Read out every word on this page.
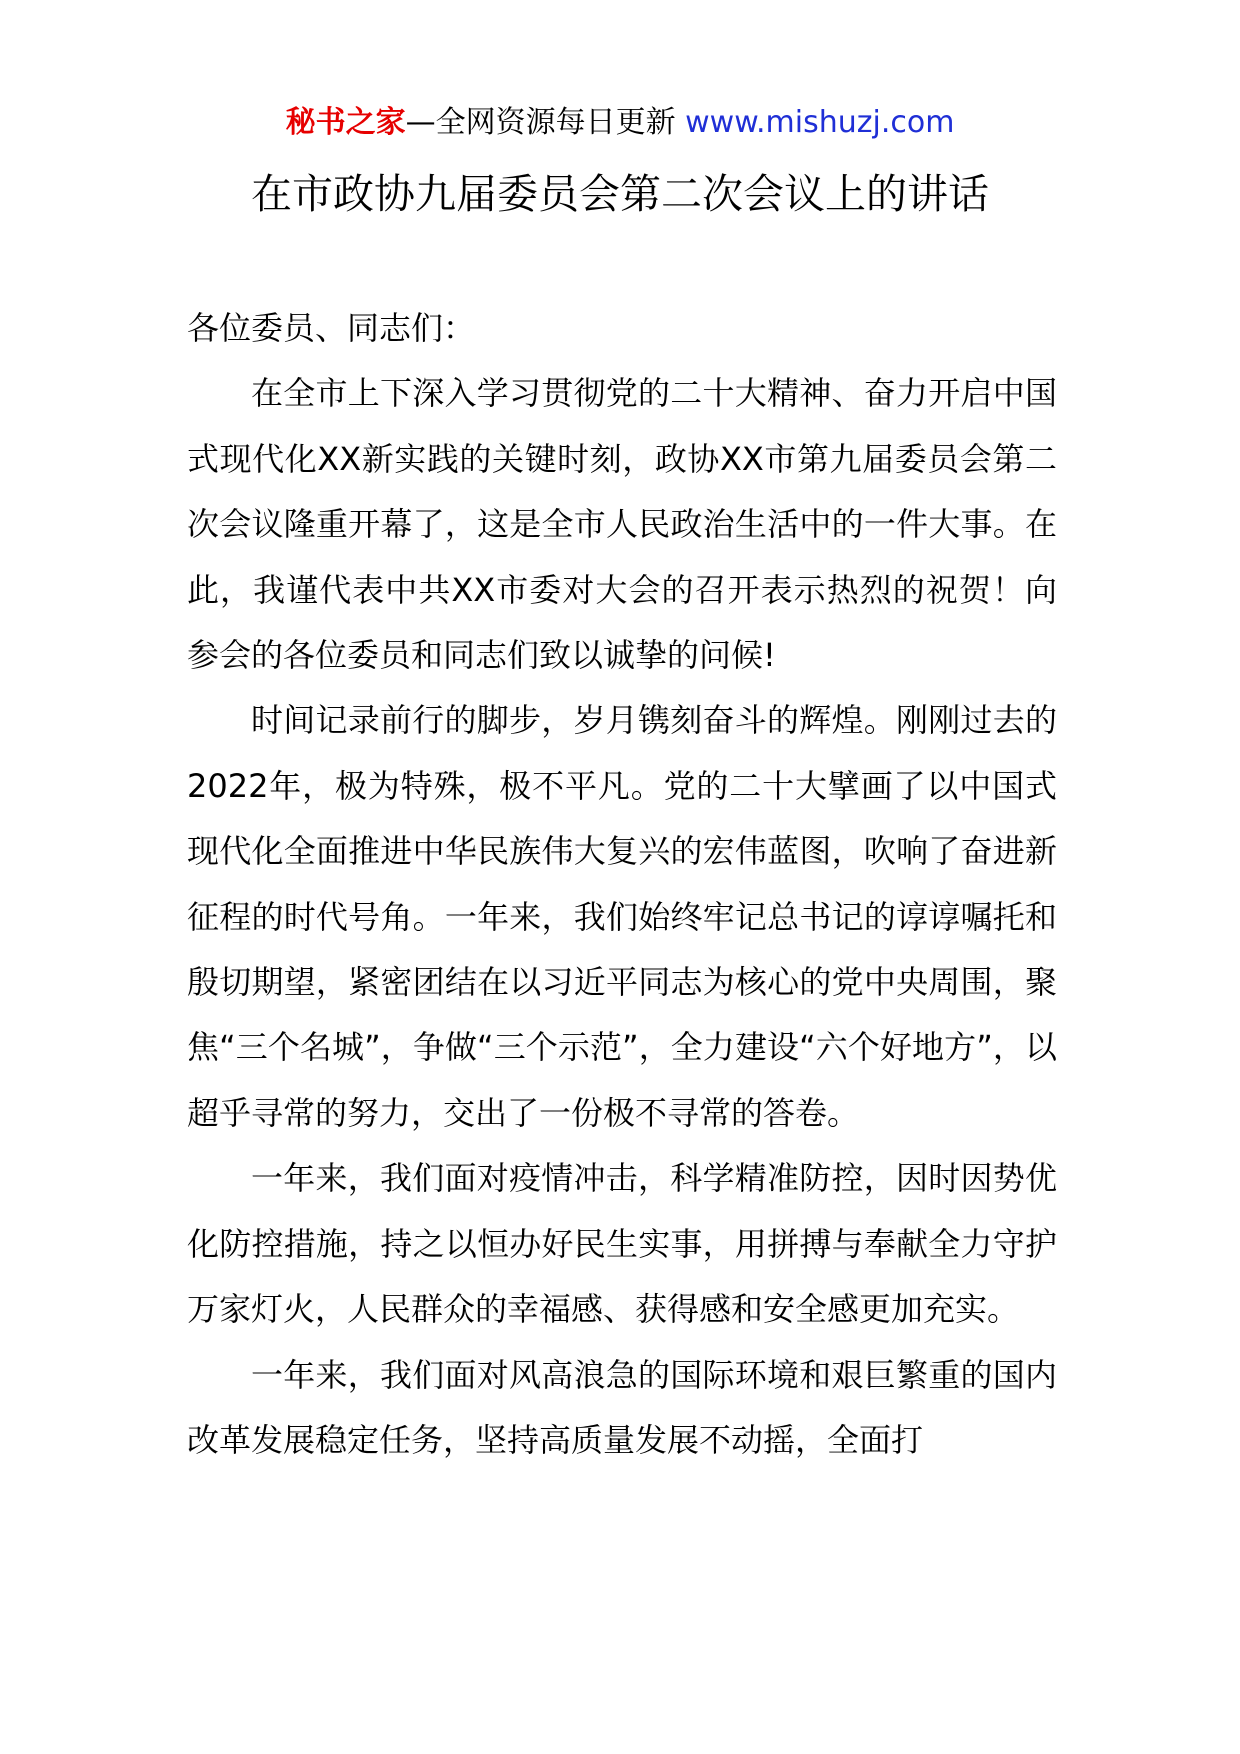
秘书之家—全网资源每日更新 www.mishuzj.com
在市政协九届委员会第二次会议上的讲话

各位委员、同志们：

在全市上下深入学习贯彻党的二十大精神、奋力开启中国式现代化XX新实践的关键时刻，政协XX市第九届委员会第二次会议隆重开幕了，这是全市人民政治生活中的一件大事。在此，我谨代表中共XX市委对大会的召开表示热烈的祝贺！向参会的各位委员和同志们致以诚挚的问候!

时间记录前行的脚步，岁月镌刻奋斗的辉煌。刚刚过去的2022年，极为特殊，极不平凡。党的二十大擘画了以中国式现代化全面推进中华民族伟大复兴的宏伟蓝图，吹响了奋进新征程的时代号角。一年来，我们始终牢记总书记的谆谆嘱托和殷切期望，紧密团结在以习近平同志为核心的党中央周围，聚焦“三个名城”，争做“三个示范”，全力建设“六个好地方”，以超乎寻常的努力，交出了一份极不寻常的答卷。

一年来，我们面对疫情冲击，科学精准防控，因时因势优化防控措施，持之以恒办好民生实事，用拼搏与奉献全力守护万家灯火，人民群众的幸福感、获得感和安全感更加充实。

一年来，我们面对风高浪急的国际环境和艰巨繁重的国内改革发展稳定任务，坚持高质量发展不动摇，全面打
